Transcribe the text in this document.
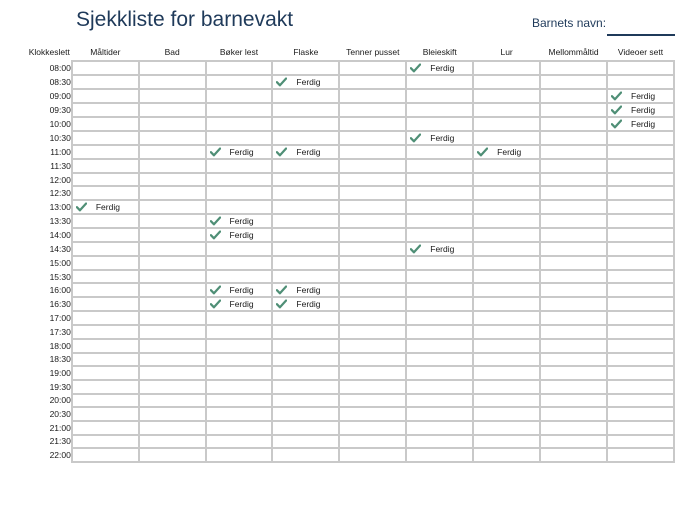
Sjekkliste for barnevakt	Barnets navn:
Klokkeslett	Måltider	Bad	Bøker lest	Flaske	Tenner pusset	Bleieskift	Lur	Mellommåltid	Videoer sett
08:00						Ferdig			

08:30				Ferdig					

09:00									Ferdig

09:30									Ferdig

10:00									Ferdig

10:30						Ferdig			

11:00			Ferdig	Ferdig			Ferdig		

11:30									
12:00									
12:30									
13:00	Ferdig								

13:30			Ferdig						

14:00			Ferdig						

14:30						Ferdig			

15:00									
15:30									
16:00			Ferdig	Ferdig					

16:30			Ferdig	Ferdig					

17:00									
17:30									
18:00									
18:30									
19:00									
19:30									
20:00									
20:30									
21:00									
21:30									
22:00									
